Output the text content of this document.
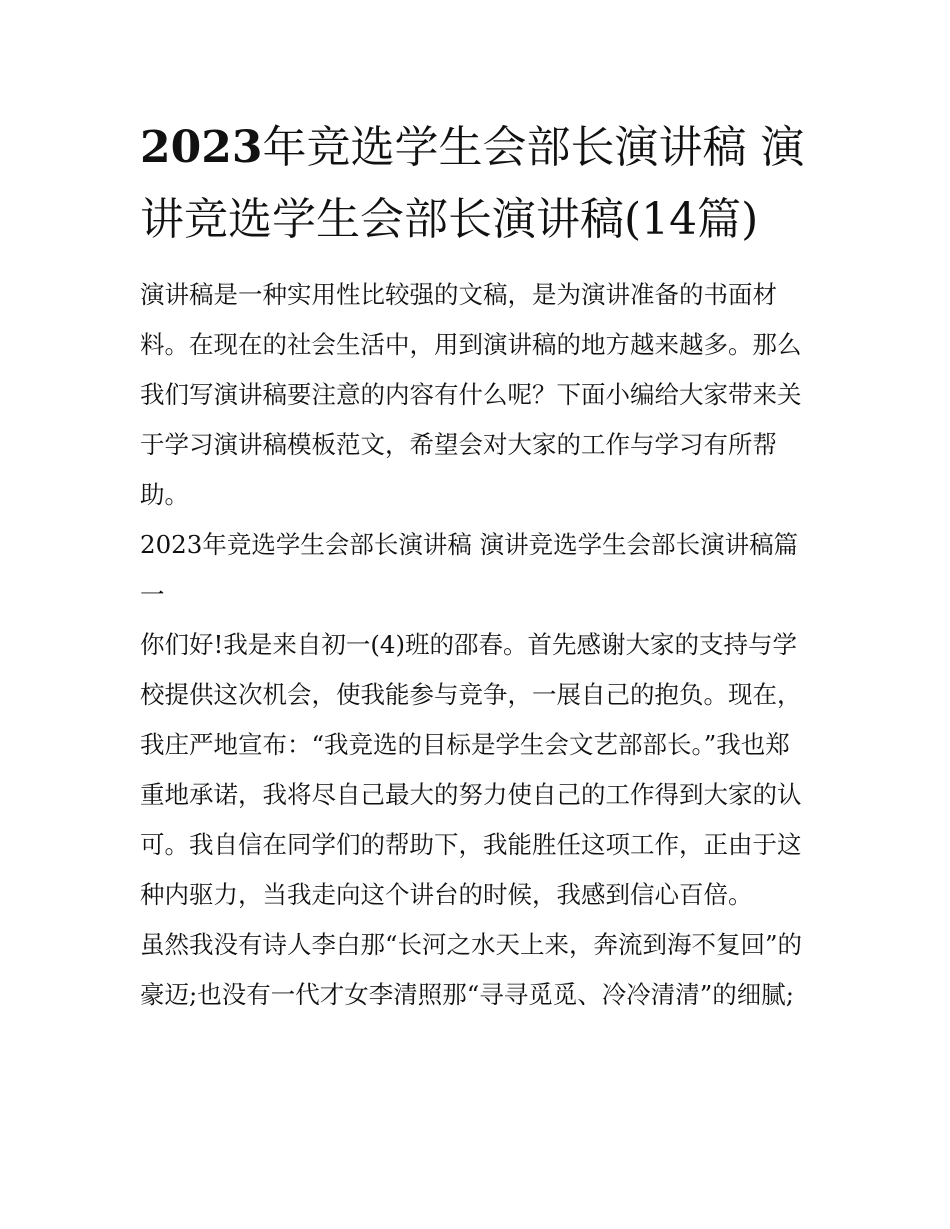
2023年竞选学生会部长演讲稿 演讲竞选学生会部长演讲稿(14篇)

演讲稿是一种实用性比较强的文稿，是为演讲准备的书面材料。在现在的社会生活中，用到演讲稿的地方越来越多。那么我们写演讲稿要注意的内容有什么呢？下面小编给大家带来关于学习演讲稿模板范文，希望会对大家的工作与学习有所帮助。

2023年竞选学生会部长演讲稿 演讲竞选学生会部长演讲稿篇一

你们好!我是来自初一(4)班的邵春。首先感谢大家的支持与学校提供这次机会，使我能参与竞争，一展自己的抱负。现在，我庄严地宣布：“我竞选的目标是学生会文艺部部长。”我也郑重地承诺，我将尽自己最大的努力使自己的工作得到大家的认可。我自信在同学们的帮助下，我能胜任这项工作，正由于这种内驱力，当我走向这个讲台的时候，我感到信心百倍。

虽然我没有诗人李白那“长河之水天上来，奔流到海不复回”的豪迈;也没有一代才女李清照那“寻寻觅觅、冷冷清清”的细腻;
